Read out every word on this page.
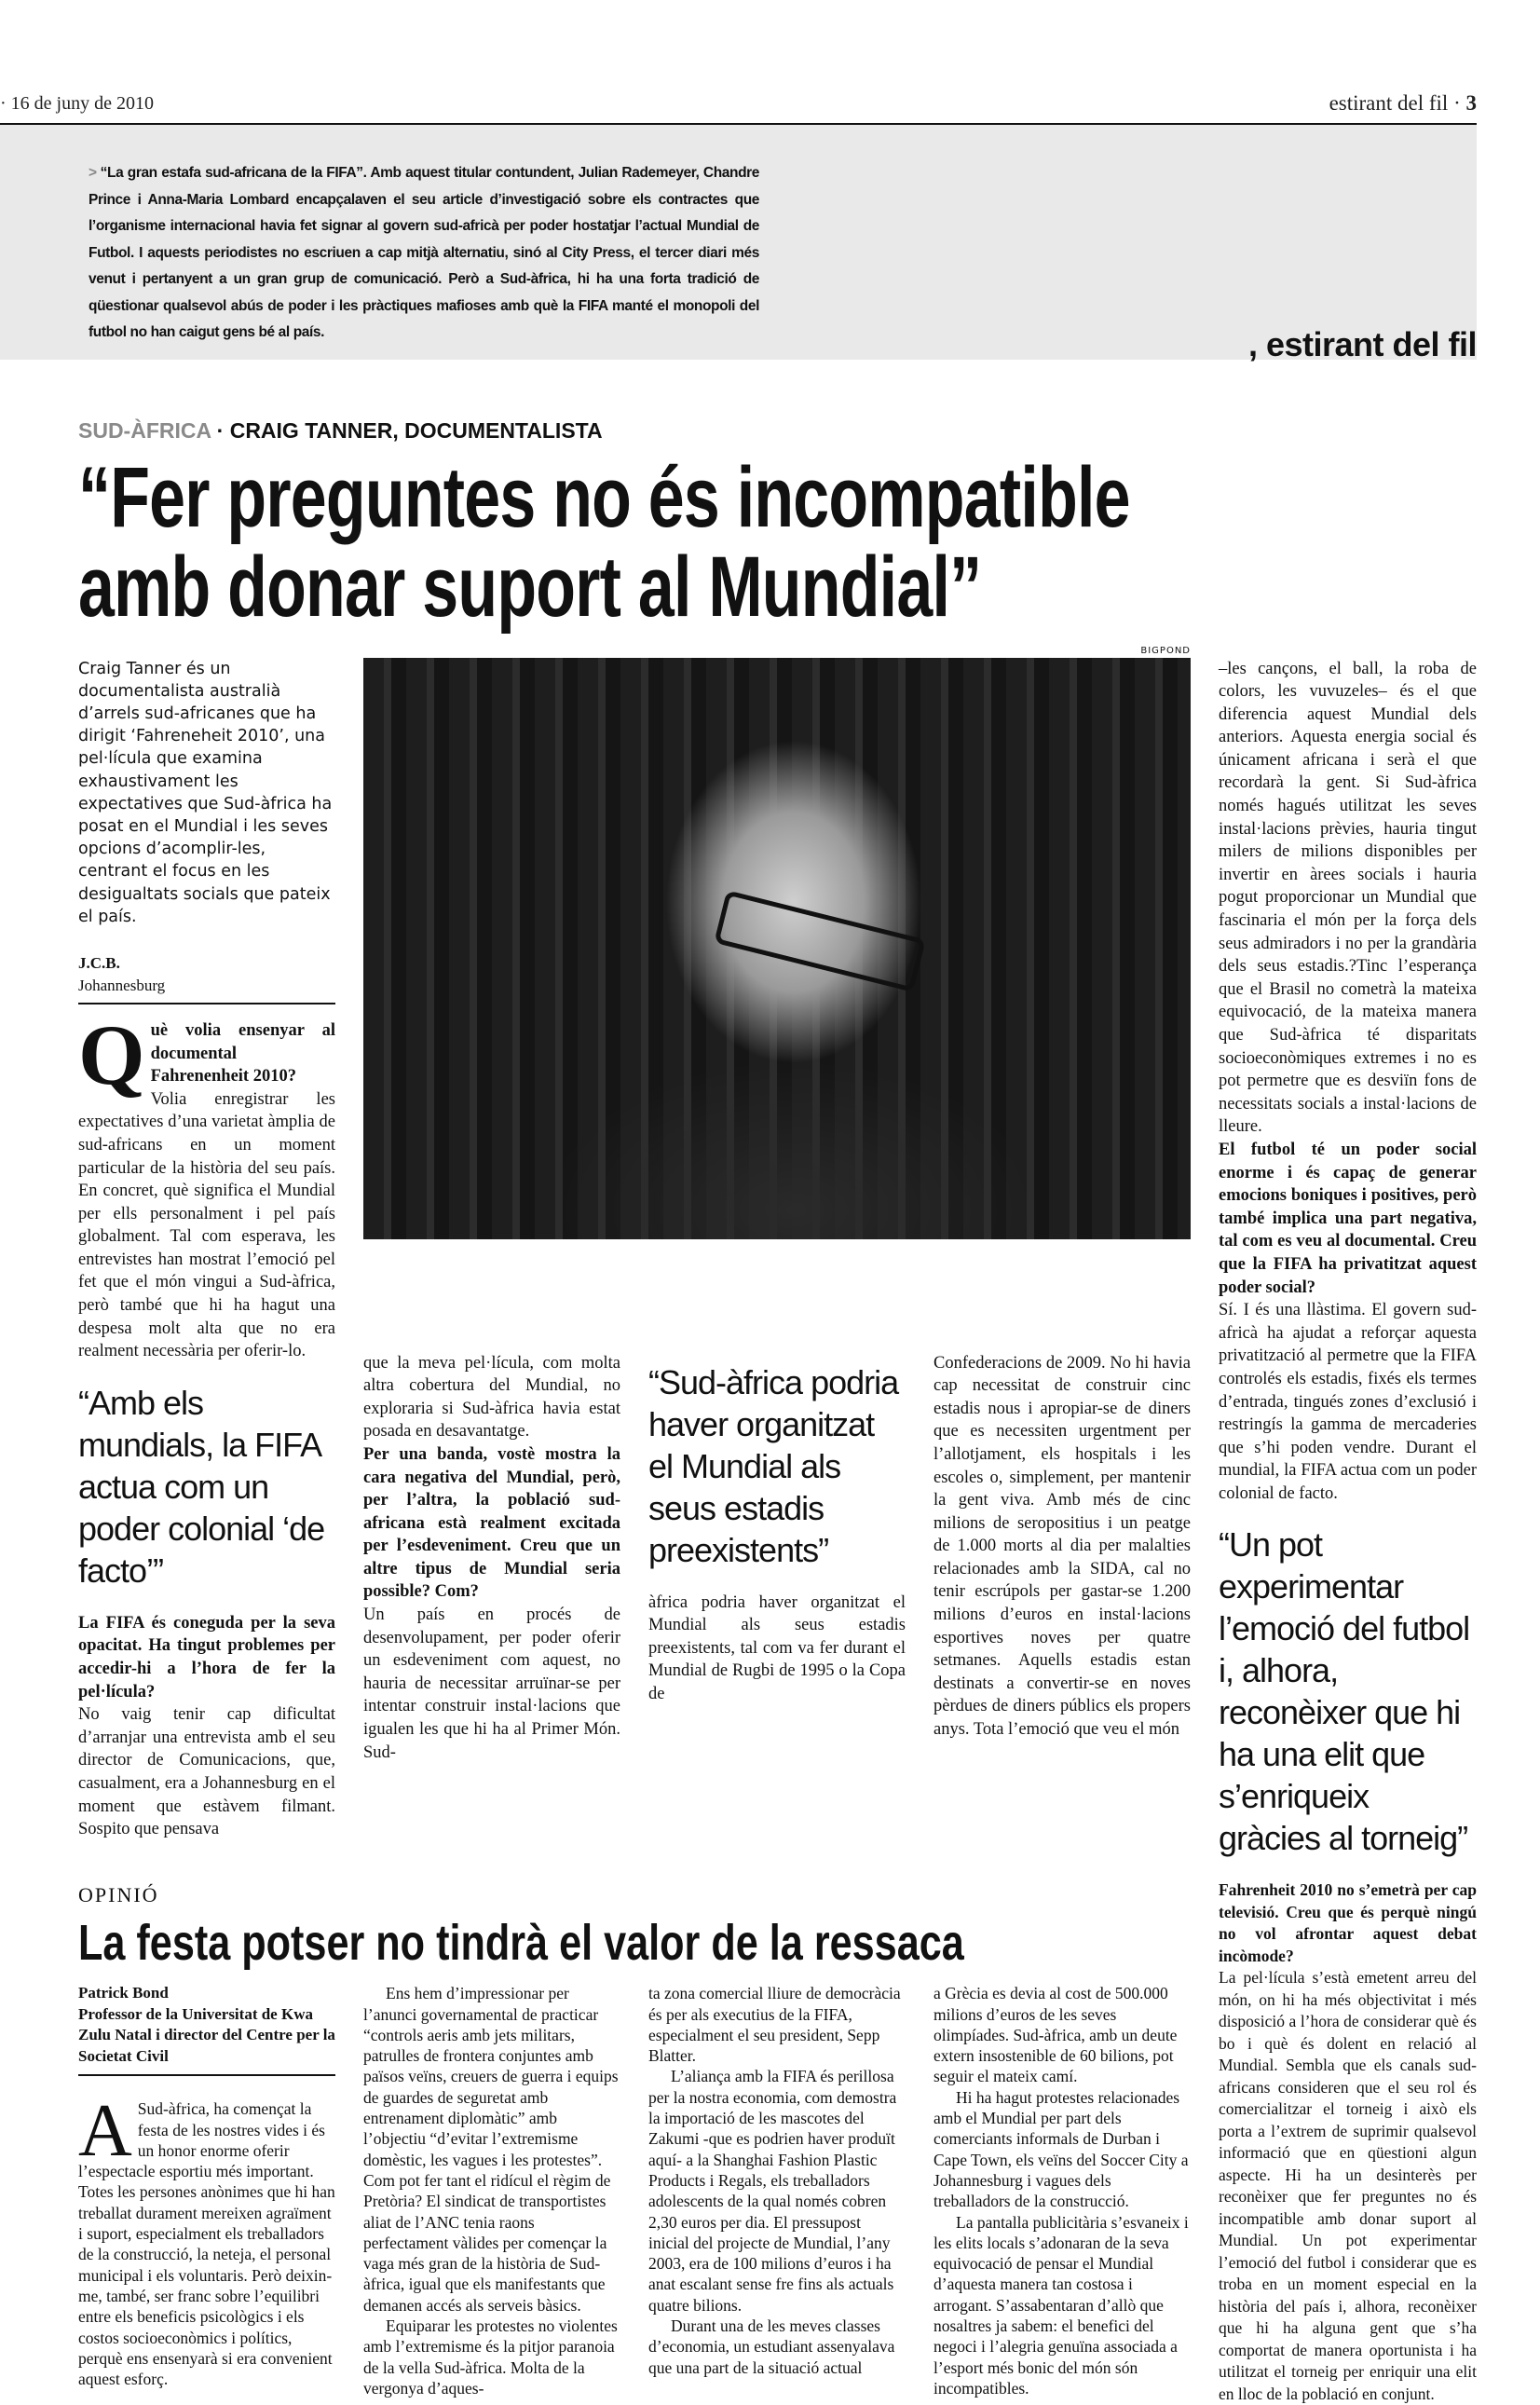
· 16 de juny de 2010	estirant del fil · 3
> “La gran estafa sud-africana de la FIFA”. Amb aquest titular contundent, Julian Rademeyer, Chandre Prince i Anna-Maria Lombard encapçalaven el seu article d’investigació sobre els contractes que l’organisme internacional havia fet signar al govern sud-africà per poder hostatjar l’actual Mundial de Futbol. I aquests periodistes no escriuen a cap mitjà alternatiu, sinó al City Press, el tercer diari més venut i pertanyent a un gran grup de comunicació. Però a Sud-àfrica, hi ha una forta tradició de qüestionar qualsevol abús de poder i les pràctiques mafioses amb què la FIFA manté el monopoli del futbol no han caigut gens bé al país.	, estirant del fil
SUD-ÀFRICA · CRAIG TANNER, DOCUMENTALISTA
“Fer preguntes no és incompatible
amb donar suport al Mundial”
Craig Tanner és un documentalista australià d’arrels sud-africanes que ha dirigit ‘Fahreneheit 2010’, una pel·lícula que examina exhaustivament les expectatives que Sud-àfrica ha posat en el Mundial i les seves opcions d’acomplir-les, centrant el focus en les desigualtats socials que pateix el país.
J.C.B.
Johannesburg
Q uè volia ensenyar al documental Fahrenenheit 2010?

Volia enregistrar les expectatives d’una varietat àmplia de sud-africans en un moment particular de la història del seu país. En concret, què significa el Mundial per ells personalment i pel país globalment. Tal com esperava, les entrevistes han mostrat l’emoció pel fet que el món vingui a Sud-àfrica, però també que hi ha hagut una despesa molt alta que no era realment necessària per oferir-lo.

“Amb els mundials, la FIFA actua com un poder colonial ‘de facto’”

La FIFA és coneguda per la seva opacitat. Ha tingut problemes per accedir-hi a l’hora de fer la pel·lícula?

No vaig tenir cap dificultat d’arranjar una entrevista amb el seu director de Comunicacions, que, casualment, era a Johannesburg en el moment que estàvem filmant. Sospito que pensava

BIGPOND

que la meva pel·lícula, com molta altra cobertura del Mundial, no exploraria si Sud-àfrica havia estat posada en desavantatge.

Per una banda, vostè mostra la cara negativa del Mundial, però, per l’altra, la població sud-africana està realment excitada per l’esdeveniment. Creu que un altre tipus de Mundial seria possible? Com?

Un país en procés de desenvolupament, per poder oferir un esdeveniment com aquest, no hauria de necessitar arruïnar-se per intentar construir instal·lacions que igualen les que hi ha al Primer Món. Sud-

“Sud-àfrica podria haver organitzat el Mundial als seus estadis preexistents”

àfrica podria haver organitzat el Mundial als seus estadis preexistents, tal com va fer durant el Mundial de Rugbi de 1995 o la Copa de

Confederacions de 2009. No hi havia cap necessitat de construir cinc estadis nous i apropiar-se de diners que es necessiten urgentment per l’allotjament, els hospitals i les escoles o, simplement, per mantenir la gent viva. Amb més de cinc milions de seropositius i un peatge de 1.000 morts al dia per malalties relacionades amb la SIDA, cal no tenir escrúpols per gastar-se 1.200 milions d’euros en instal·lacions esportives noves per quatre setmanes. Aquells estadis estan destinats a convertir-se en noves pèrdues de diners públics els propers anys. Tota l’emoció que veu el món

–les cançons, el ball, la roba de colors, les vuvuzeles– és el que diferencia aquest Mundial dels anteriors. Aquesta energia social és únicament africana i serà el que recordarà la gent. Si Sud-àfrica només hagués utilitzat les seves instal·lacions prèvies, hauria tingut milers de milions disponibles per invertir en àrees socials i hauria pogut proporcionar un Mundial que fascinaria el món per la força dels seus admiradors i no per la grandària dels seus estadis.?Tinc l’esperança que el Brasil no cometrà la mateixa equivocació, de la mateixa manera que Sud-àfrica té disparitats socioeconòmiques extremes i no es pot permetre que es desviïn fons de necessitats socials a instal·lacions de lleure.

El futbol té un poder social enorme i és capaç de generar emocions boniques i positives, però també implica una part negativa, tal com es veu al documental. Creu que la FIFA ha privatitzat aquest poder social?

Sí. I és una llàstima. El govern sud-africà ha ajudat a reforçar aquesta privatització al permetre que la FIFA controlés els estadis, fixés els termes d’entrada, tingués zones d’exclusió i restringís la gamma de mercaderies que s’hi poden vendre. Durant el mundial, la FIFA actua com un poder colonial de facto.

“Un pot experimentar l’emoció del futbol i, alhora, reconèixer que hi ha una elit que s’enriqueix gràcies al torneig”

Fahrenheit 2010 no s’emetrà per cap televisió. Creu que és perquè ningú no vol afrontar aquest debat incòmode?

La pel·lícula s’està emetent arreu del món, on hi ha més objectivitat i més disposició a l’hora de considerar què és bo i què és dolent en relació al Mundial. Sembla que els canals sud-africans consideren que el seu rol és comercialitzar el torneig i això els porta a l’extrem de suprimir qualsevol informació que en qüestioni algun aspecte. Hi ha un desinterès per reconèixer que fer preguntes no és incompatible amb donar suport al Mundial. Un pot experimentar l’emoció del futbol i considerar que es troba en un moment especial en la història del país i, alhora, reconèixer que hi ha alguna gent que s’ha comportat de manera oportunista i ha utilitzat el torneig per enriquir una elit en lloc de la població en conjunt.

OPINIÓ
La festa potser no tindrà el valor de la ressaca
Patrick Bond
Professor de la Universitat de Kwa Zulu Natal i director del Centre per la Societat Civil
A Sud-àfrica, ha començat la festa de les nostres vides i és un honor enorme oferir l’espectacle esportiu més important. Totes les persones anònimes que hi han treballat durament mereixen agraïment i suport, especialment els treballadors de la construcció, la neteja, el personal municipal i els voluntaris. Però deixin-me, també, ser franc sobre l’equilibri entre els beneficis psicològics i els costos socioeconòmics i polítics, perquè ens ensenyarà si era convenient aquest esforç.

Ens hem d’impressionar per l’anunci governamental de practicar “controls aeris amb jets militars, patrulles de frontera conjuntes amb països veïns, creuers de guerra i equips de guardes de seguretat amb entrenament diplomàtic” amb l’objectiu “d’evitar l’extremisme domèstic, les vagues i les protestes”. Com pot fer tant el ridícul el règim de Pretòria? El sindicat de transportistes aliat de l’ANC tenia raons perfectament vàlides per començar la vaga més gran de la història de Sud-àfrica, igual que els manifestants que demanen accés als serveis bàsics.

Equiparar les protestes no violentes amb l’extremisme és la pitjor paranoia de la vella Sud-àfrica. Molta de la vergonya d’aques-

ta zona comercial lliure de democràcia és per als executius de la FIFA, especialment el seu president, Sepp Blatter.

L’aliança amb la FIFA és perillosa per la nostra economia, com demostra la importació de les mascotes del Zakumi -que es podrien haver produït aquí- a la Shanghai Fashion Plastic Products i Regals, els treballadors adolescents de la qual només cobren 2,30 euros per dia. El pressupost inicial del projecte de Mundial, l’any 2003, era de 100 milions d’euros i ha anat escalant sense fre fins als actuals quatre bilions.

Durant una de les meves classes d’economia, un estudiant assenyalava que una part de la situació actual

a Grècia es devia al cost de 500.000 milions d’euros de les seves olimpíades. Sud-àfrica, amb un deute extern insostenible de 60 bilions, pot seguir el mateix camí.

Hi ha hagut protestes relacionades amb el Mundial per part dels comerciants informals de Durban i Cape Town, els veïns del Soccer City a Johannesburg i vagues dels treballadors de la construcció.

La pantalla publicitària s’esvaneix i les elits locals s’adonaran de la seva equivocació de pensar el Mundial d’aquesta manera tan costosa i arrogant. S’assabentaran d’allò que nosaltres ja sabem: el benefici del negoci i l’alegria genuïna associada a l’esport més bonic del món són incompatibles.
